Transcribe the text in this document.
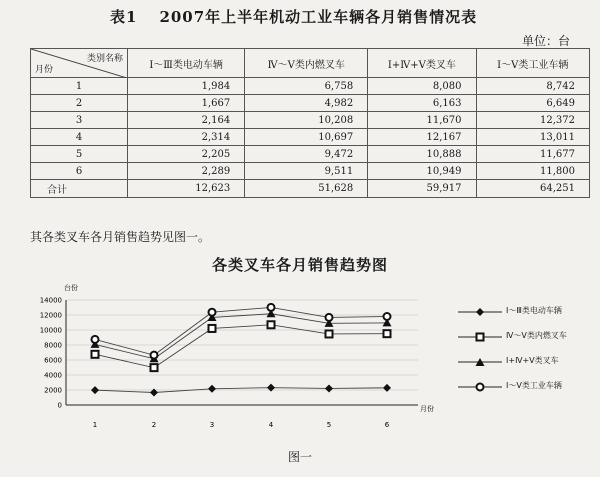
表1 2007年上半年机动工业车辆各月销售情况表
单位：台
类别名称
月份	Ⅰ～Ⅲ类电动车辆	Ⅳ～Ⅴ类内燃叉车	Ⅰ+Ⅳ+Ⅴ类叉车	Ⅰ～Ⅴ类工业车辆
1	1,984	6,758	8,080	8,742
2	1,667	4,982	6,163	6,649
3	2,164	10,208	11,670	12,372
4	2,314	10,697	12,167	13,011
5	2,205	9,472	10,888	11,677
6	2,289	9,511	10,949	11,800
合计	12,623	51,628	59,917	64,251
其各类叉车各月销售趋势见图一。
各类叉车各月销售趋势图
台份
月份
0
2000
4000
6000
8000
10000
12000
14000
1	2	3	4	5	6
Ⅰ～Ⅲ类电动车辆
Ⅳ～Ⅴ类内燃叉车
Ⅰ+Ⅳ+Ⅴ类叉车
Ⅰ～Ⅴ类工业车辆
图一
